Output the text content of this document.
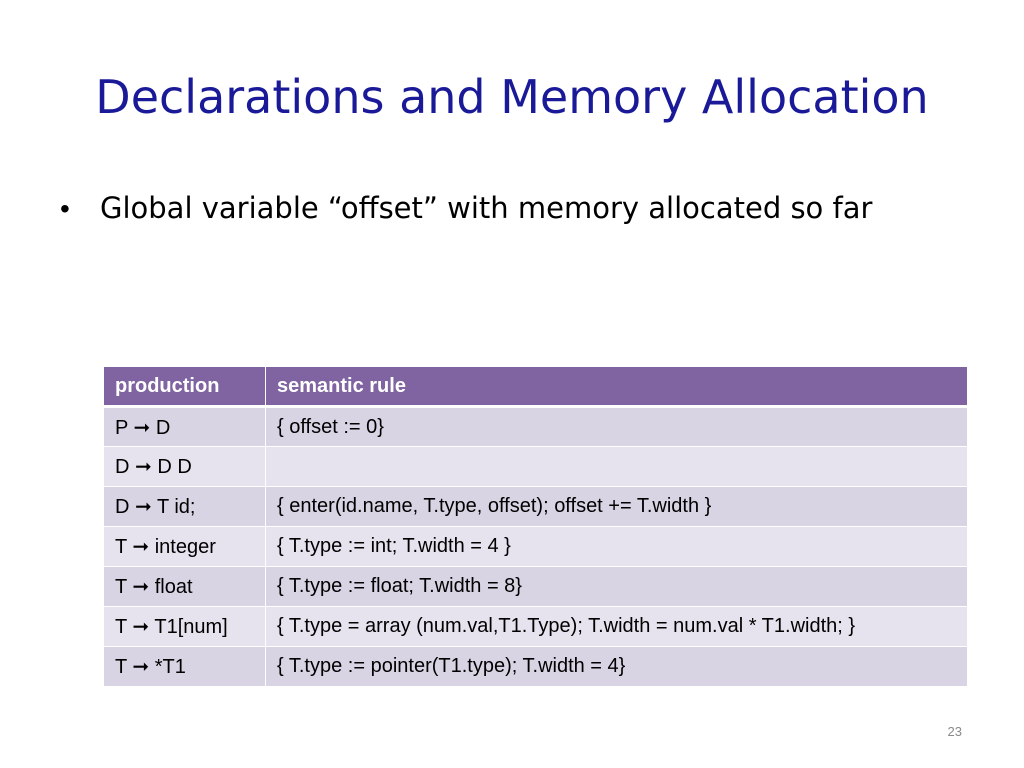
Declarations and Memory Allocation
•	Global variable “offset” with memory allocated so far
production	semantic rule
P ➞ D	{ offset := 0}
D ➞ D D	
D ➞ T id;	{ enter(id.name, T.type, offset); offset += T.width }
T ➞ integer	{ T.type := int; T.width = 4 }
T ➞ float	{ T.type := float; T.width = 8}
T ➞ T1[num]	{ T.type = array (num.val,T1.Type); T.width = num.val * T1.width; }
T ➞ *T1	{ T.type := pointer(T1.type); T.width = 4}
23
